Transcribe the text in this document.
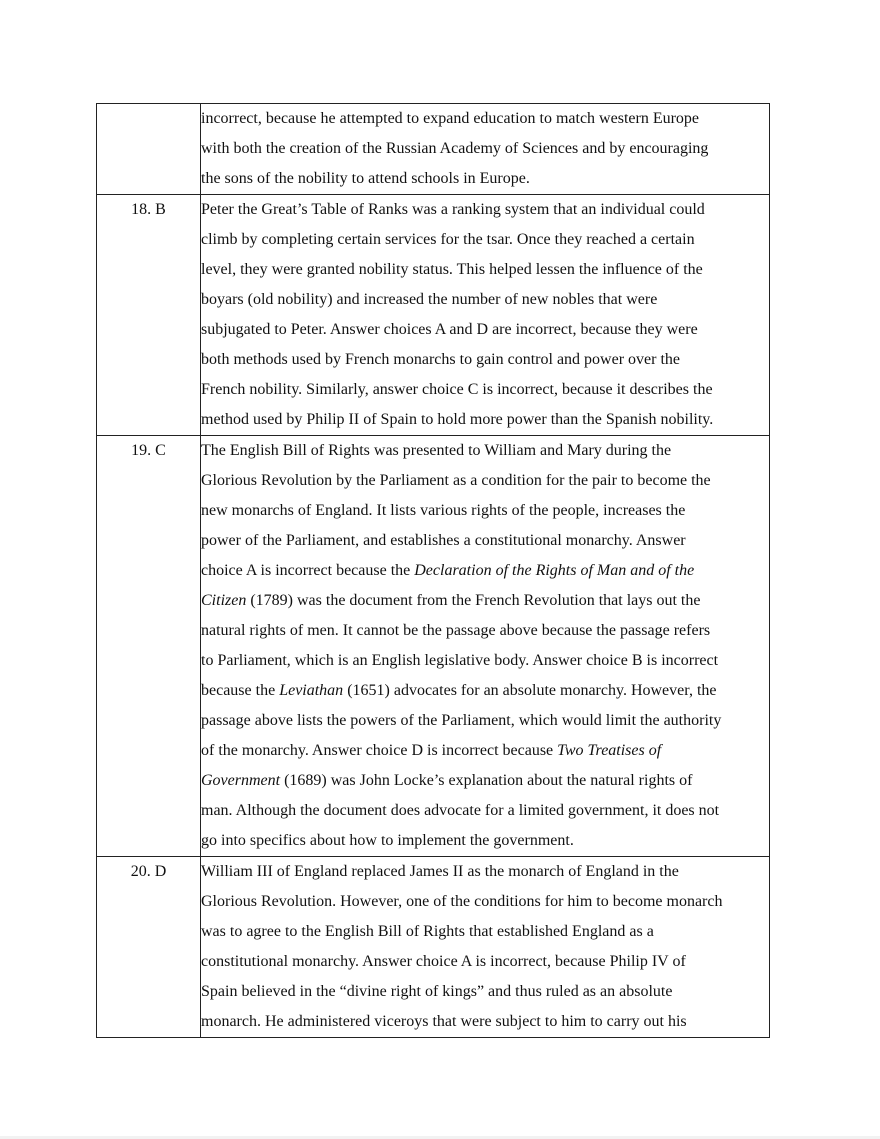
	incorrect, because he attempted to expand education to match western Europe
with both the creation of the Russian Academy of Sciences and by encouraging
the sons of the nobility to attend schools in Europe.

18. B	Peter the Great’s Table of Ranks was a ranking system that an individual could
climb by completing certain services for the tsar. Once they reached a certain
level, they were granted nobility status. This helped lessen the influence of the
boyars (old nobility) and increased the number of new nobles that were
subjugated to Peter. Answer choices A and D are incorrect, because they were
both methods used by French monarchs to gain control and power over the
French nobility. Similarly, answer choice C is incorrect, because it describes the
method used by Philip II of Spain to hold more power than the Spanish nobility.

19. C	The English Bill of Rights was presented to William and Mary during the
Glorious Revolution by the Parliament as a condition for the pair to become the
new monarchs of England. It lists various rights of the people, increases the
power of the Parliament, and establishes a constitutional monarchy. Answer
choice A is incorrect because the Declaration of the Rights of Man and of the
Citizen (1789) was the document from the French Revolution that lays out the
natural rights of men. It cannot be the passage above because the passage refers
to Parliament, which is an English legislative body. Answer choice B is incorrect
because the Leviathan (1651) advocates for an absolute monarchy. However, the
passage above lists the powers of the Parliament, which would limit the authority
of the monarchy. Answer choice D is incorrect because Two Treatises of
Government (1689) was John Locke’s explanation about the natural rights of
man. Although the document does advocate for a limited government, it does not
go into specifics about how to implement the government.

20. D	William III of England replaced James II as the monarch of England in the
Glorious Revolution. However, one of the conditions for him to become monarch
was to agree to the English Bill of Rights that established England as a
constitutional monarchy. Answer choice A is incorrect, because Philip IV of
Spain believed in the “divine right of kings” and thus ruled as an absolute
monarch. He administered viceroys that were subject to him to carry out his
